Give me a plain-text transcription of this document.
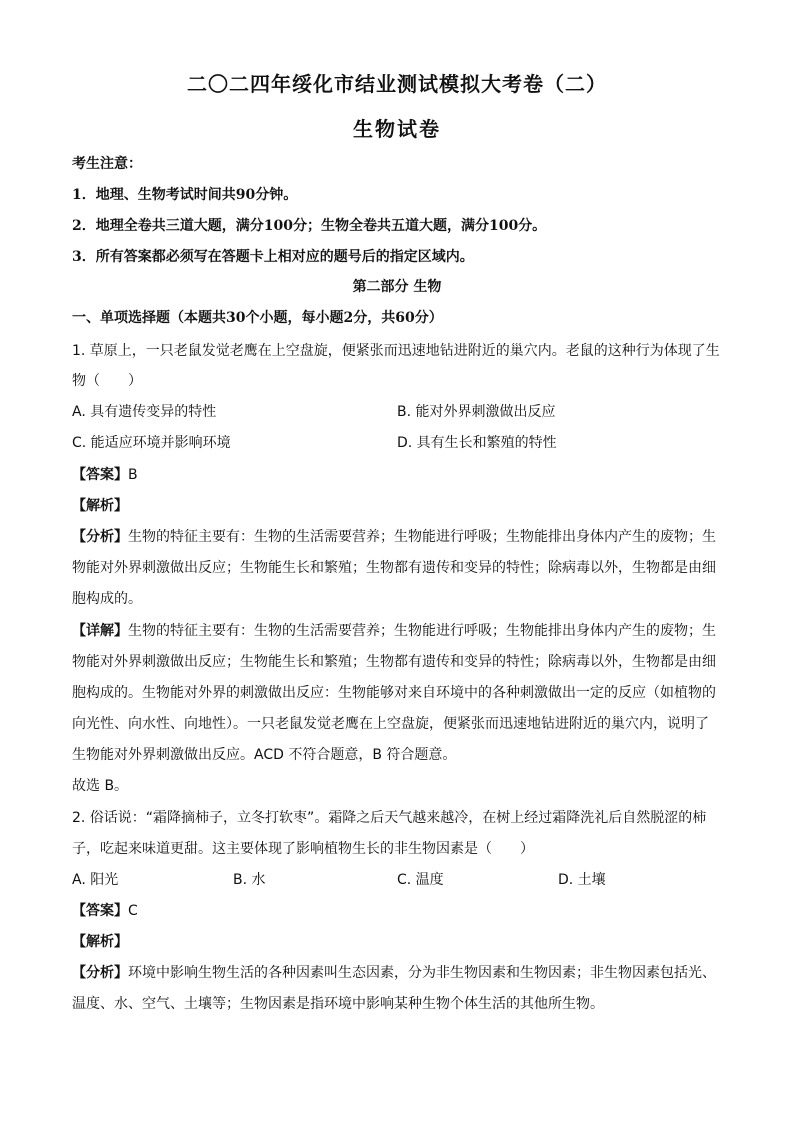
二〇二四年绥化市结业测试模拟大考卷（二）
生物试卷
考生注意：
1．地理、生物考试时间共90分钟。
2．地理全卷共三道大题，满分100分；生物全卷共五道大题，满分100分。
3．所有答案都必须写在答题卡上相对应的题号后的指定区域内。
第二部分 生物
一、单项选择题（本题共30个小题，每小题2分，共60分）
1. 草原上，一只老鼠发觉老鹰在上空盘旋，便紧张而迅速地钻进附近的巢穴内。老鼠的这种行为体现了生
物（　　）
A. 具有遗传变异的特性	B. 能对外界刺激做出反应
C. 能适应环境并影响环境	D. 具有生长和繁殖的特性
【答案】B
【解析】
【分析】生物的特征主要有：生物的生活需要营养；生物能进行呼吸；生物能排出身体内产生的废物；生
物能对外界刺激做出反应；生物能生长和繁殖；生物都有遗传和变异的特性；除病毒以外，生物都是由细
胞构成的。
【详解】生物的特征主要有：生物的生活需要营养；生物能进行呼吸；生物能排出身体内产生的废物；生
物能对外界刺激做出反应；生物能生长和繁殖；生物都有遗传和变异的特性；除病毒以外，生物都是由细
胞构成的。生物能对外界的刺激做出反应：生物能够对来自环境中的各种刺激做出一定的反应（如植物的
向光性、向水性、向地性）。一只老鼠发觉老鹰在上空盘旋，便紧张而迅速地钻进附近的巢穴内，说明了
生物能对外界刺激做出反应。ACD 不符合题意，B 符合题意。
故选 B。
2. 俗话说：“霜降摘柿子，立冬打软枣”。霜降之后天气越来越冷，在树上经过霜降洗礼后自然脱涩的柿
子，吃起来味道更甜。这主要体现了影响植物生长的非生物因素是（　　）
A. 阳光	B. 水	C. 温度	D. 土壤
【答案】C
【解析】
【分析】环境中影响生物生活的各种因素叫生态因素，分为非生物因素和生物因素；非生物因素包括光、
温度、水、空气、土壤等；生物因素是指环境中影响某种生物个体生活的其他所生物。
